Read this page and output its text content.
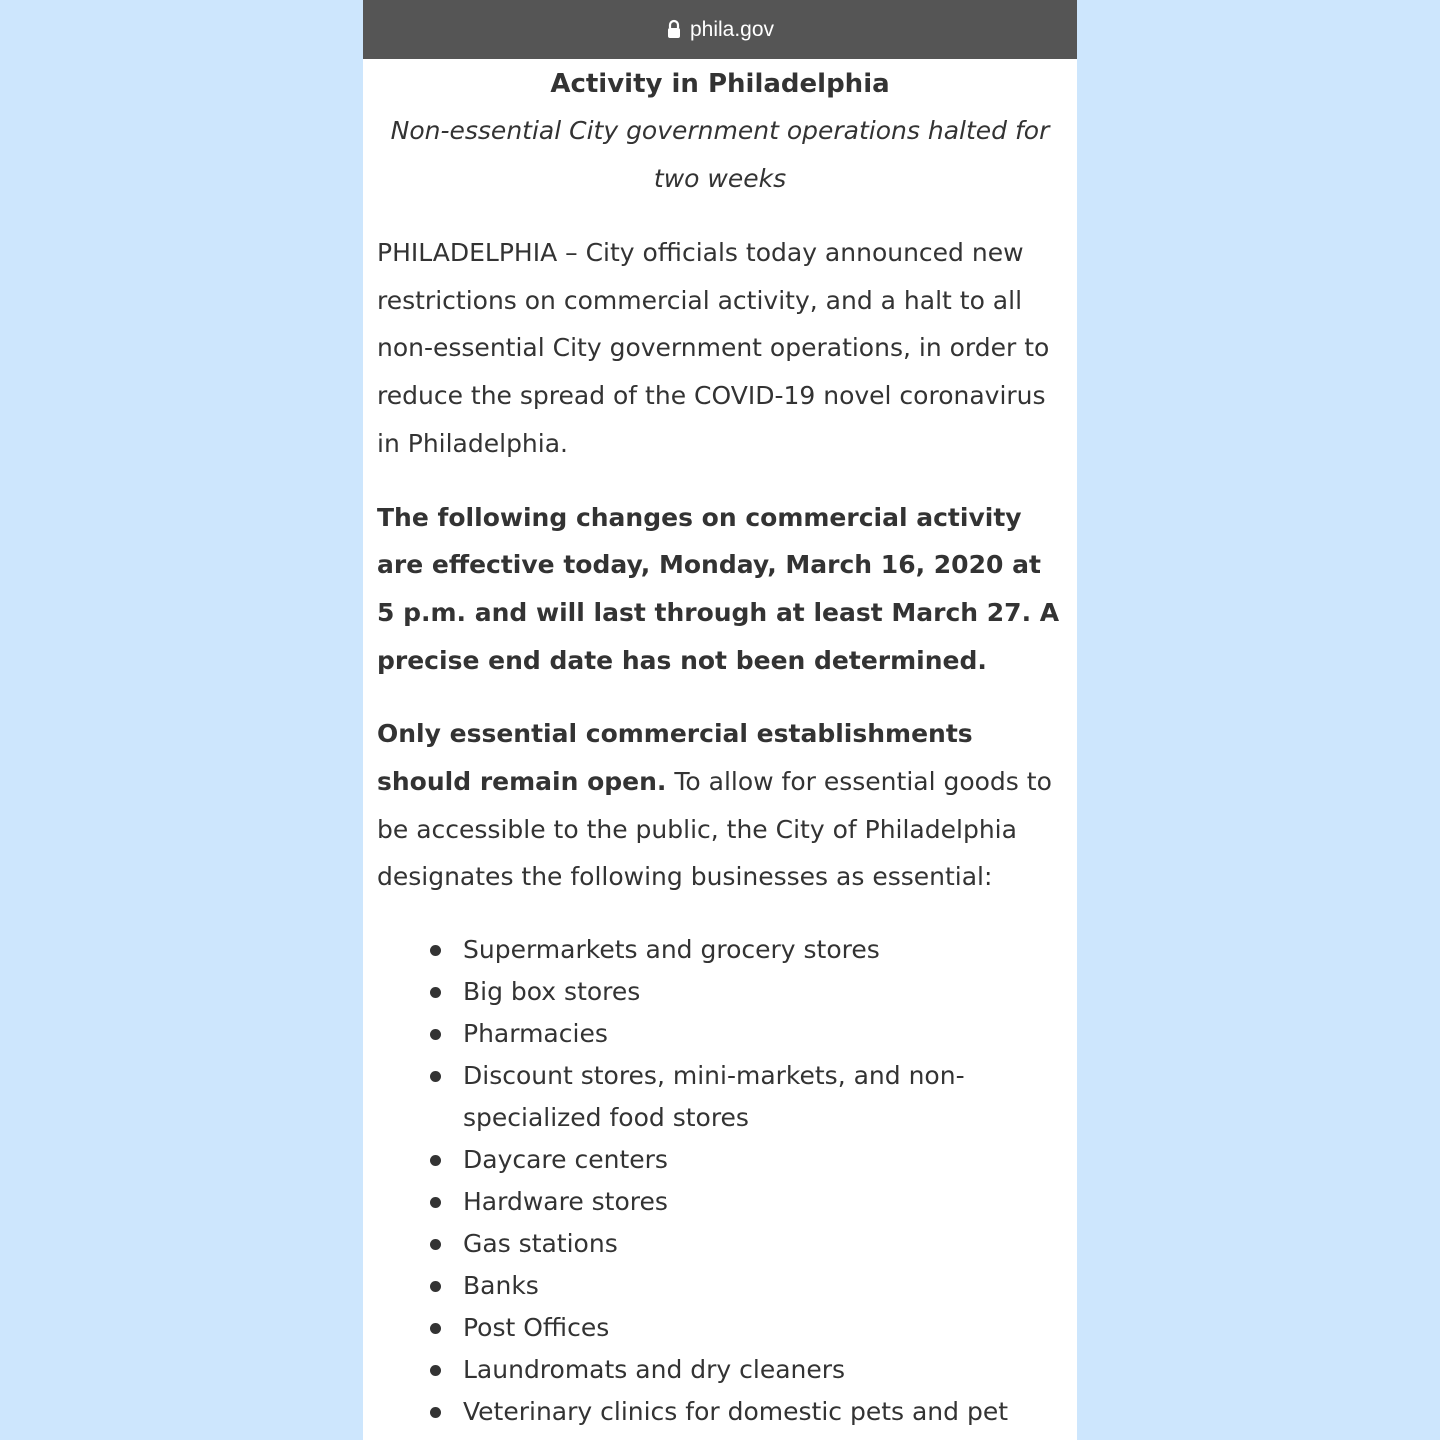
phila.gov
Activity in Philadelphia

Non-essential City government operations halted for two weeks

PHILADELPHIA – City officials today announced new restrictions on commercial activity, and a halt to all non-essential City government operations, in order to reduce the spread of the COVID-19 novel coronavirus in Philadelphia.

The following changes on commercial activity are effective today, Monday, March 16, 2020 at 5 p.m. and will last through at least March 27. A precise end date has not been determined.

Only essential commercial establishments should remain open. To allow for essential goods to be accessible to the public, the City of Philadelphia designates the following businesses as essential:

Supermarkets and grocery stores
Big box stores
Pharmacies
Discount stores, mini-markets, and non-specialized food stores
Daycare centers
Hardware stores
Gas stations
Banks
Post Offices
Laundromats and dry cleaners
Veterinary clinics for domestic pets and pet
